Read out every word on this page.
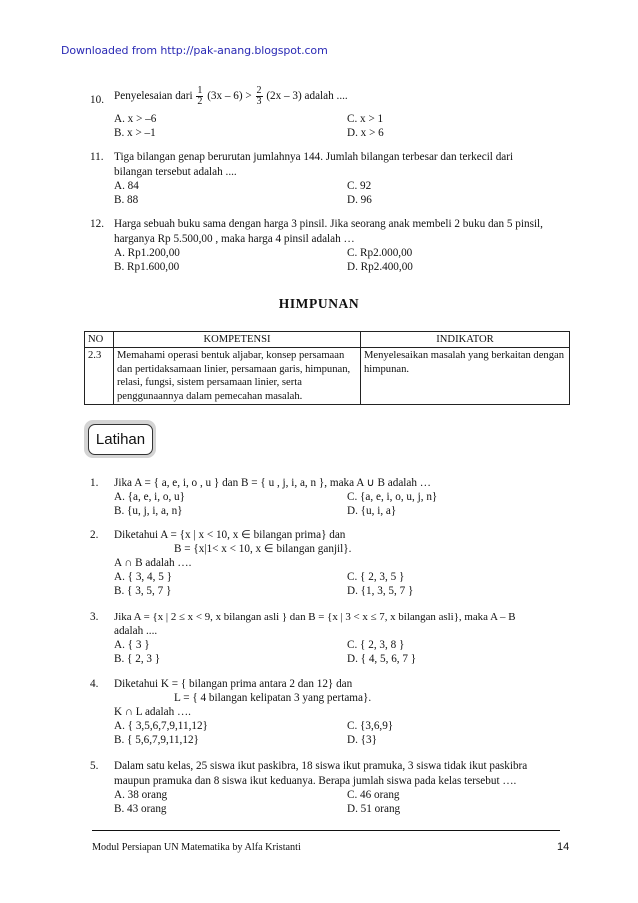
Downloaded from http://pak-anang.blogspot.com
10. Penyelesaian dari $\frac{1}{2} (3x - 6) > \frac{2}{3} (2x - 3)$ adalah ....
A. x > –6
B. x > –1
C. x > 1
D. x > 6
11. Tiga bilangan genap berurutan jumlahnya 144. Jumlah bilangan terbesar dan terkecil dari bilangan tersebut adalah ....
A. 84
B. 88
C. 92
D. 96
12. Harga sebuah buku sama dengan harga 3 pinsil. Jika seorang anak membeli 2 buku dan 5 pinsil, harganya Rp 5.500,00 , maka harga 4 pinsil adalah …
A. Rp1.200,00
B. Rp1.600,00
C. Rp2.000,00
D. Rp2.400,00
HIMPUNAN
NO	KOMPETENSI	INDIKATOR
2.3	Memahami operasi bentuk aljabar, konsep persamaan dan pertidaksamaan linier, persamaan garis, himpunan, relasi, fungsi, sistem persamaan linier, serta penggunaannya dalam pemecahan masalah.	Menyelesaikan masalah yang berkaitan dengan himpunan.
Latihan
1. Jika A = { a, e, i, o , u } dan B = { u , j, i, a, n }, maka A ∪ B adalah …
A. {a, e, i, o, u}
B. {u, j, i, a, n}
C. {a, e, i, o, u, j, n}
D. {u, i, a}
2. Diketahui A = {x | x < 10, x ∈ bilangan prima} dan
B = {x|1< x < 10, x ∈ bilangan ganjil}.
A ∩ B adalah ….
A. { 3, 4, 5 }
B. { 3, 5, 7 }
C. { 2, 3, 5 }
D. {1, 3, 5, 7 }
3. Jika A = {x | 2 ≤ x < 9, x bilangan asli } dan B = {x | 3 < x ≤ 7, x bilangan asli}, maka A – B
adalah ....
A. { 3 }
B. { 2, 3 }
C. { 2, 3, 8 }
D. { 4, 5, 6, 7 }
4. Diketahui K = { bilangan prima antara 2 dan 12} dan
L = { 4 bilangan kelipatan 3 yang pertama}.
K ∩ L adalah ….
A. { 3,5,6,7,9,11,12}
B. { 5,6,7,9,11,12}
C. {3,6,9}
D. {3}
5. Dalam satu kelas, 25 siswa ikut paskibra, 18 siswa ikut pramuka, 3 siswa tidak ikut paskibra maupun pramuka dan 8 siswa ikut keduanya. Berapa jumlah siswa pada kelas tersebut ….
A. 38 orang
B. 43 orang
C. 46 orang
D. 51 orang
Modul Persiapan UN Matematika by Alfa Kristanti	14
